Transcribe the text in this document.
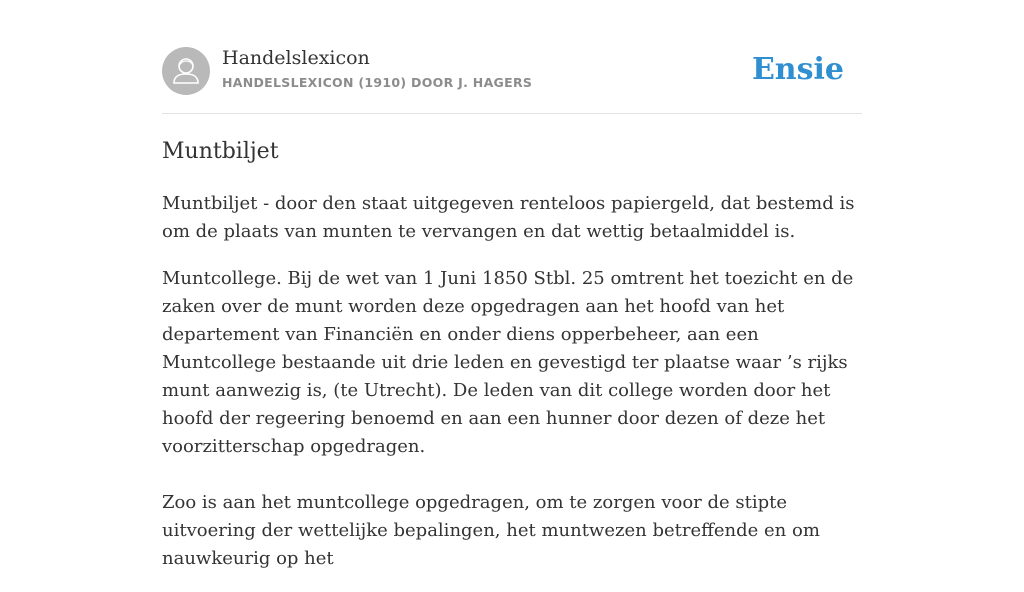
Handelslexicon
HANDELSLEXICON (1910) DOOR J. HAGERS	Ensie
Muntbiljet

Muntbiljet - door den staat uitgegeven renteloos papiergeld, dat bestemd is om de plaats van munten te vervangen en dat wettig betaalmiddel is.

Muntcollege. Bij de wet van 1 Juni 1850 Stbl. 25 omtrent het toezicht en de zaken over de munt worden deze opgedragen aan het hoofd van het departement van Financiën en onder diens opperbeheer, aan een Muntcollege bestaande uit drie leden en gevestigd ter plaatse waar ’s rijks munt aanwezig is, (te Utrecht). De leden van dit college worden door het hoofd der regeering benoemd en aan een hunner door dezen of deze het voorzitterschap opgedragen.

Zoo is aan het muntcollege opgedragen, om te zorgen voor de stipte uitvoering der wettelijke bepalingen, het muntwezen betreffende en om nauwkeurig op het
